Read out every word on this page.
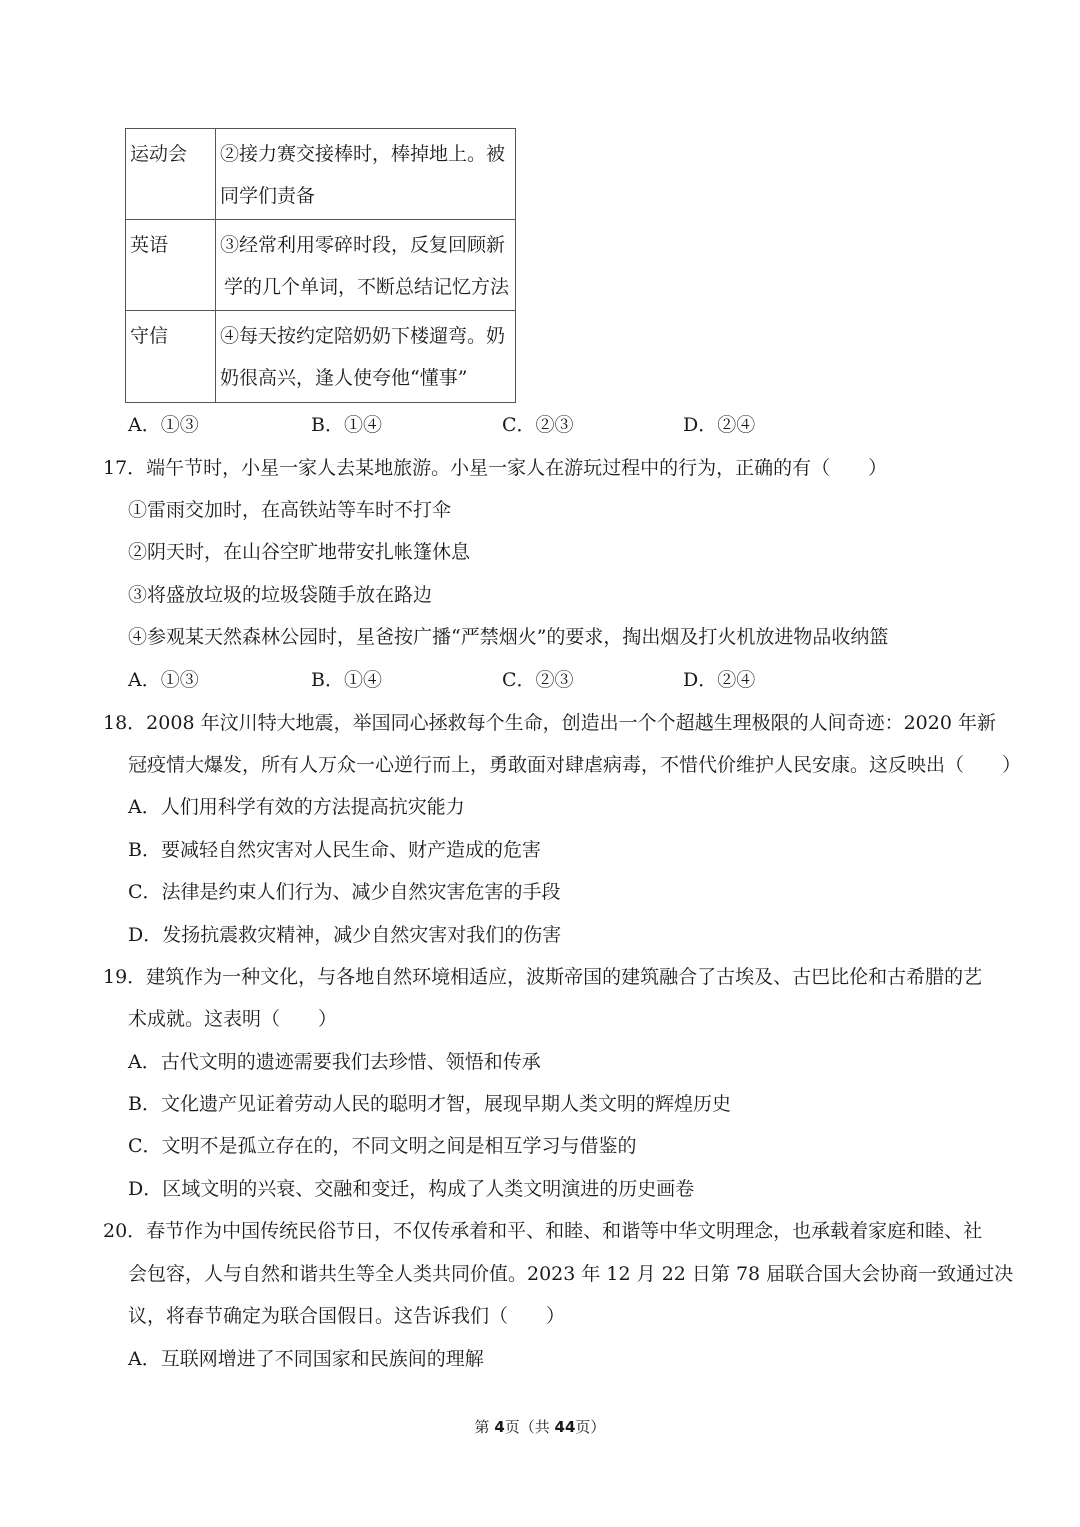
运动会	②接力赛交接棒时，棒掉地上。被
同学们责备

英语	③经常利用零碎时段，反复回顾新
学的几个单词，不断总结记忆方法

守信	④每天按约定陪奶奶下楼遛弯。奶
奶很高兴，逢人使夸他“懂事”
A．①③	B．①④	C．②③	D．②④
17．端午节时，小星一家人去某地旅游。小星一家人在游玩过程中的行为，正确的有（　　）
①雷雨交加时，在高铁站等车时不打伞
②阴天时，在山谷空旷地带安扎帐篷休息
③将盛放垃圾的垃圾袋随手放在路边
④参观某天然森林公园时，星爸按广播“严禁烟火”的要求，掏出烟及打火机放进物品收纳篮
A．①③	B．①④	C．②③	D．②④
18．2008 年汶川特大地震，举国同心拯救每个生命，创造出一个个超越生理极限的人间奇迹：2020 年新
冠疫情大爆发，所有人万众一心逆行而上，勇敢面对肆虐病毒，不惜代价维护人民安康。这反映出（　　）
A．人们用科学有效的方法提高抗灾能力
B．要减轻自然灾害对人民生命、财产造成的危害
C．法律是约束人们行为、减少自然灾害危害的手段
D．发扬抗震救灾精神，减少自然灾害对我们的伤害
19．建筑作为一种文化，与各地自然环境相适应，波斯帝国的建筑融合了古埃及、古巴比伦和古希腊的艺
术成就。这表明（　　）
A．古代文明的遗迹需要我们去珍惜、领悟和传承
B．文化遗产见证着劳动人民的聪明才智，展现早期人类文明的辉煌历史
C．文明不是孤立存在的，不同文明之间是相互学习与借鉴的
D．区域文明的兴衰、交融和变迁，构成了人类文明演进的历史画卷
20．春节作为中国传统民俗节日，不仅传承着和平、和睦、和谐等中华文明理念，也承载着家庭和睦、社
会包容，人与自然和谐共生等全人类共同价值。2023 年 12 月 22 日第 78 届联合国大会协商一致通过决
议，将春节确定为联合国假日。这告诉我们（　　）
A．互联网增进了不同国家和民族间的理解
第 4页（共 44页）
